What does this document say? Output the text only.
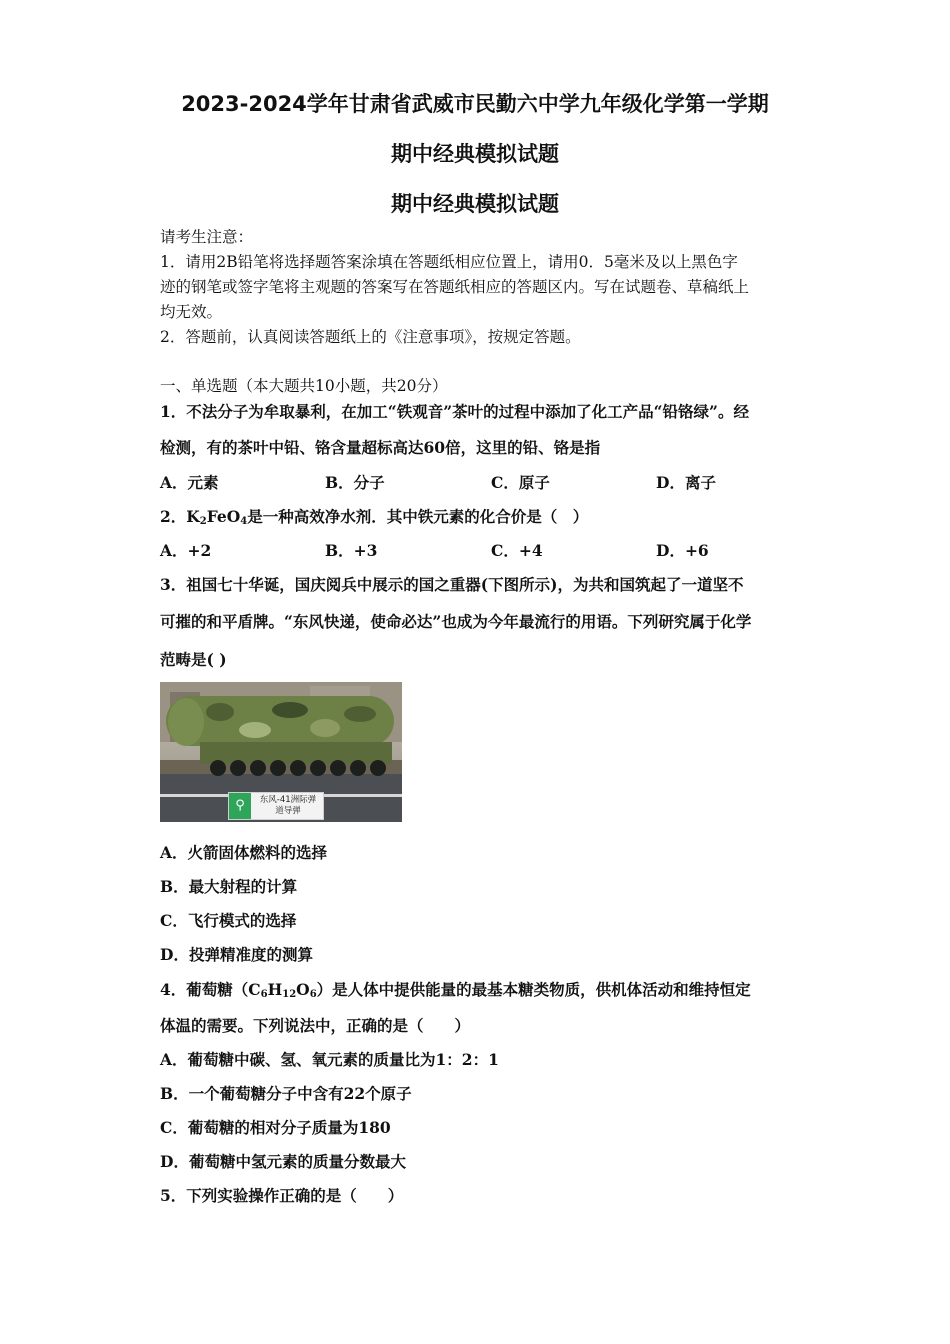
2023-2024学年甘肃省武威市民勤六中学九年级化学第一学期
期中经典模拟试题
期中经典模拟试题
请考生注意：
1．请用2B铅笔将选择题答案涂填在答题纸相应位置上，请用0．5毫米及以上黑色字
迹的钢笔或签字笔将主观题的答案写在答题纸相应的答题区内。写在试题卷、草稿纸上
均无效。
2．答题前，认真阅读答题纸上的《注意事项》，按规定答题。
一、单选题（本大题共10小题，共20分）
1．不法分子为牟取暴利，在加工“铁观音”茶叶的过程中添加了化工产品“铅铬绿”。经
检测，有的茶叶中铅、铬含量超标高达60倍，这里的铅、铬是指
A．元素	B．分子	C．原子	D．离子
2．$K_2FeO_4$是一种高效净水剂．其中铁元素的化合价是（　）
A．+2	B．+3	C．+4	D．+6
3．祖国七十华诞，国庆阅兵中展示的国之重器(下图所示)，为共和国筑起了一道坚不
可摧的和平盾牌。“东风快递，使命必达”也成为今年最流行的用语。下列研究属于化学
范畴是( )
⚲	东风-41洲际弹
道导弹
A．火箭固体燃料的选择
B．最大射程的计算
C．飞行模式的选择
D．投弹精准度的测算
4．葡萄糖$(C_6H_{12}O_6)$是人体中提供能量的最基本糖类物质，供机体活动和维持恒定
体温的需要。下列说法中，正确的是（　　）
A．葡萄糖中碳、氢、氧元素的质量比为1：2：1
B．一个葡萄糖分子中含有22个原子
C．葡萄糖的相对分子质量为180
D．葡萄糖中氢元素的质量分数最大
5．下列实验操作正确的是（　　）
